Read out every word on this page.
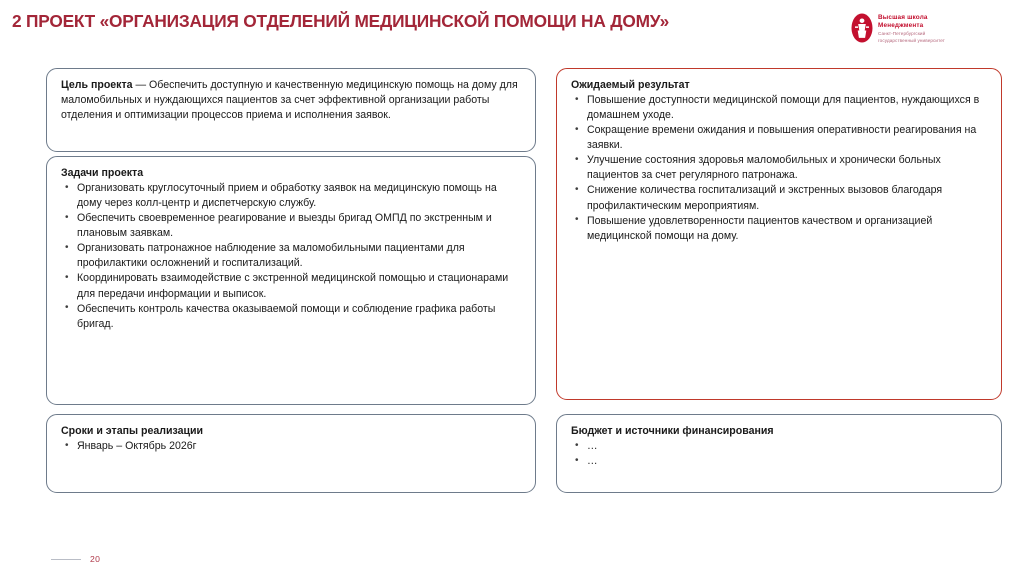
2 ПРОЕКТ «ОРГАНИЗАЦИЯ ОТДЕЛЕНИЙ МЕДИЦИНСКОЙ ПОМОЩИ НА ДОМУ»	высшая школа
Менеджмента
Санкт-Петербургский
государственный университет

Цель проекта — Обеспечить доступную и качественную медицинскую помощь на дому для маломобильных и нуждающихся пациентов за счет эффективной организации работы отделения и оптимизации процессов приема и исполнения заявок.

Задачи проекта
• Организовать круглосуточный прием и обработку заявок на медицинскую помощь на дому через колл-центр и диспетчерскую службу.
• Обеспечить своевременное реагирование и выезды бригад ОМПД по экстренным и плановым заявкам.
• Организовать патронажное наблюдение за маломобильными пациентами для профилактики осложнений и госпитализаций.
• Координировать взаимодействие с экстренной медицинской помощью и стационарами для передачи информации и выписок.
• Обеспечить контроль качества оказываемой помощи и соблюдение графика работы бригад.
Сроки и этапы реализации
• Январь – Октябрь 2026г
Ожидаемый результат
• Повышение доступности медицинской помощи для пациентов, нуждающихся в домашнем уходе.
• Сокращение времени ожидания и повышения оперативности реагирования на заявки.
• Улучшение состояния здоровья маломобильных и хронически больных пациентов за счет регулярного патронажа.
• Снижение количества госпитализаций и экстренных вызовов благодаря профилактическим мероприятиям.
• Повышение удовлетворенности пациентов качеством и организацией медицинской помощи на дому.
Бюджет и источники финансирования
• …
• …
20
